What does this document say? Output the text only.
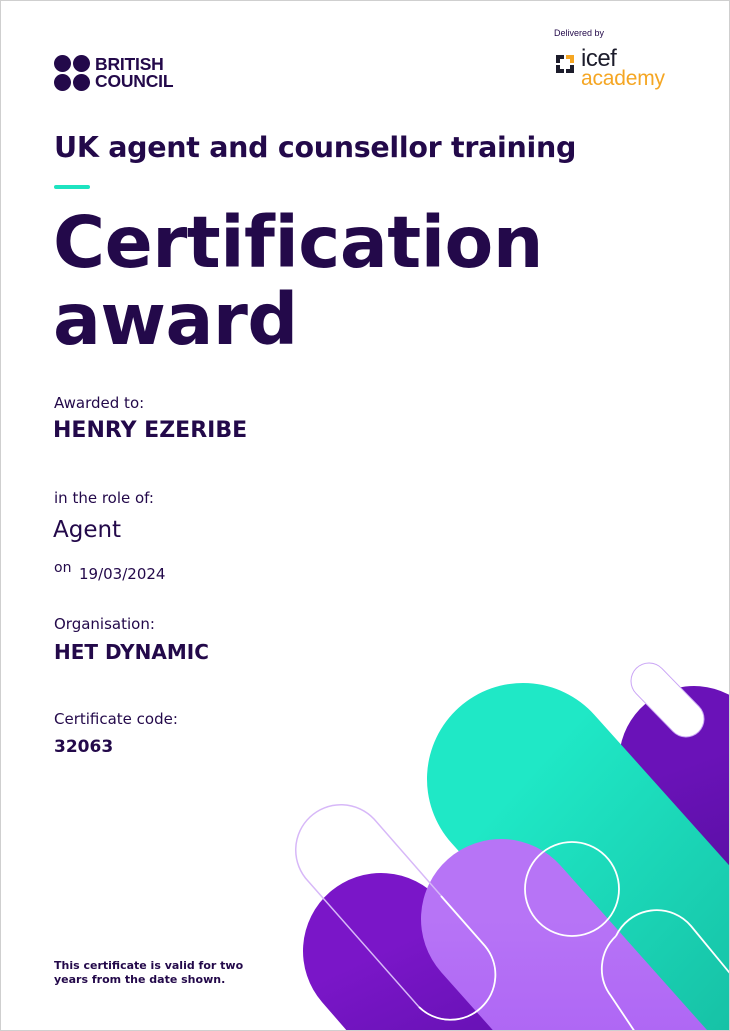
BRITISH
COUNCIL
Delivered by
icef
academy
UK agent and counsellor training
Certification
award
Awarded to:
HENRY EZERIBE
in the role of:
Agent
on 19/03/2024
Organisation:
HET DYNAMIC
Certificate code:
32063
This certificate is valid for two years from the date shown.
